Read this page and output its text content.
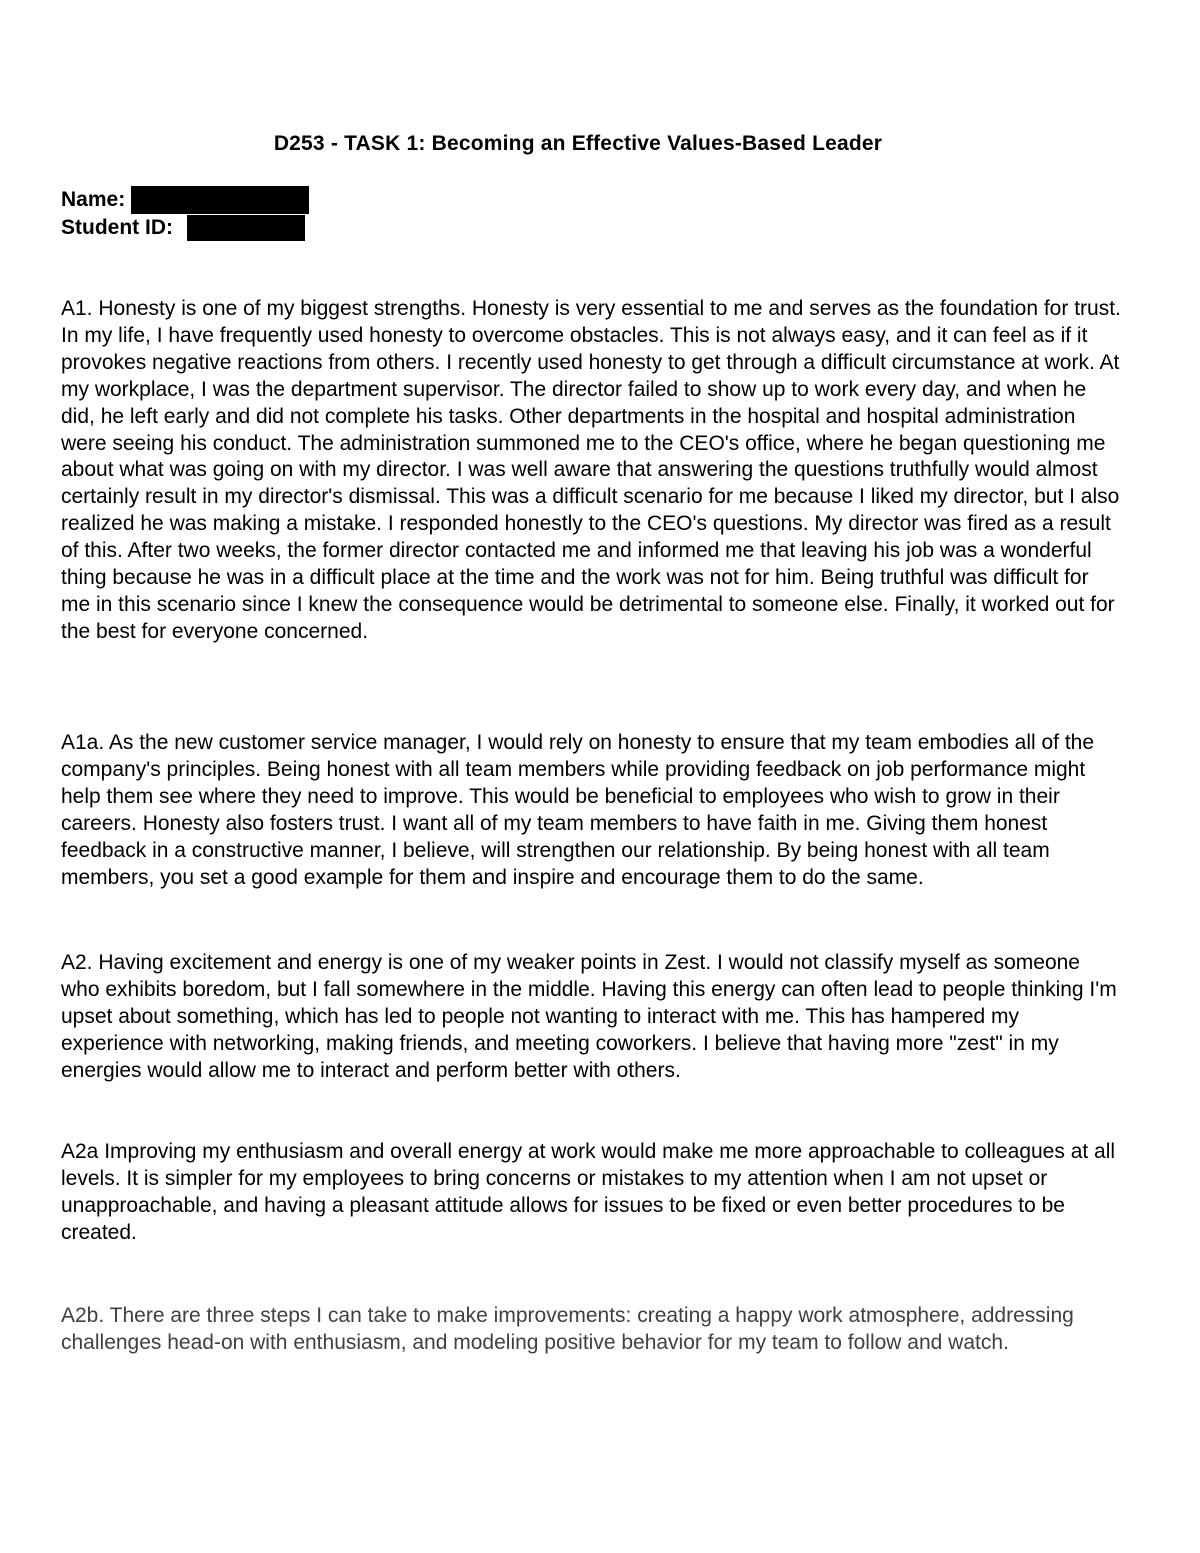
D253 - TASK 1: Becoming an Effective Values-Based Leader
Name:
Student ID:

A1. Honesty is one of my biggest strengths. Honesty is very essential to me and serves as the foundation for trust. In my life, I have frequently used honesty to overcome obstacles. This is not always easy, and it can feel as if it provokes negative reactions from others. I recently used honesty to get through a difficult circumstance at work. At my workplace, I was the department supervisor. The director failed to show up to work every day, and when he did, he left early and did not complete his tasks. Other departments in the hospital and hospital administration were seeing his conduct. The administration summoned me to the CEO's office, where he began questioning me about what was going on with my director. I was well aware that answering the questions truthfully would almost certainly result in my director's dismissal. This was a difficult scenario for me because I liked my director, but I also realized he was making a mistake. I responded honestly to the CEO's questions. My director was fired as a result of this. After two weeks, the former director contacted me and informed me that leaving his job was a wonderful thing because he was in a difficult place at the time and the work was not for him. Being truthful was difficult for me in this scenario since I knew the consequence would be detrimental to someone else. Finally, it worked out for the best for everyone concerned.

A1a. As the new customer service manager, I would rely on honesty to ensure that my team embodies all of the company's principles. Being honest with all team members while providing feedback on job performance might help them see where they need to improve. This would be beneficial to employees who wish to grow in their careers. Honesty also fosters trust. I want all of my team members to have faith in me. Giving them honest feedback in a constructive manner, I believe, will strengthen our relationship. By being honest with all team members, you set a good example for them and inspire and encourage them to do the same.

A2. Having excitement and energy is one of my weaker points in Zest. I would not classify myself as someone who exhibits boredom, but I fall somewhere in the middle. Having this energy can often lead to people thinking I'm upset about something, which has led to people not wanting to interact with me. This has hampered my experience with networking, making friends, and meeting coworkers. I believe that having more "zest" in my energies would allow me to interact and perform better with others.

A2a Improving my enthusiasm and overall energy at work would make me more approachable to colleagues at all levels. It is simpler for my employees to bring concerns or mistakes to my attention when I am not upset or unapproachable, and having a pleasant attitude allows for issues to be fixed or even better procedures to be created.

A2b. There are three steps I can take to make improvements: creating a happy work atmosphere, addressing challenges head-on with enthusiasm, and modeling positive behavior for my team to follow and watch.
